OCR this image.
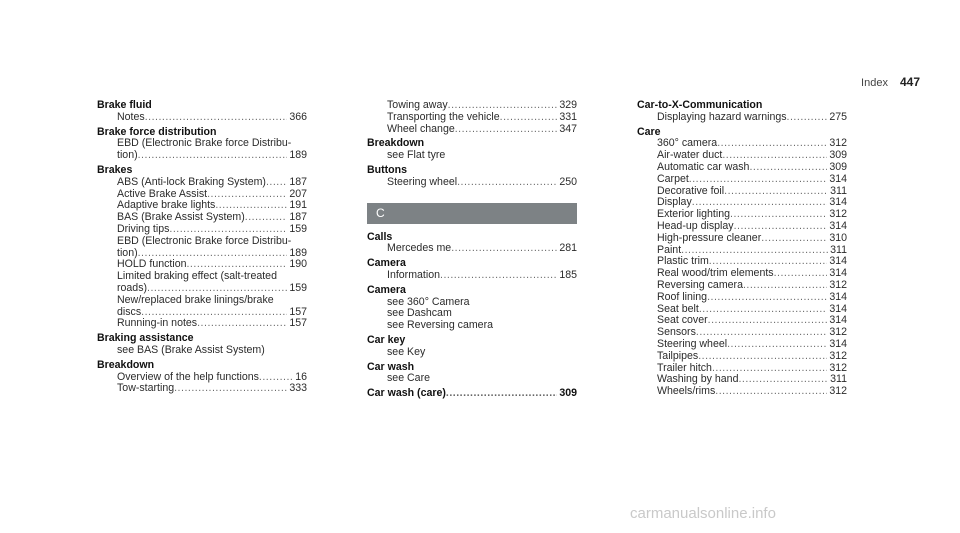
Index 447
Brake fluid
Notes .....	366
Brake force distribution
EBD (Electronic Brake force Distribu-
tion) .....	189
Brakes
ABS (Anti-lock Braking System) ..... 187
Active Brake Assist .....	207
Adaptive brake lights .....	191
BAS (Brake Assist System) .....	187
Driving tips .....	159
EBD (Electronic Brake force Distribu-
tion) .....	189
HOLD function .....	190
Limited braking effect (salt-treated
roads) .....	159
New/replaced brake linings/brake
discs .....	157
Running-in notes .....	157
Braking assistance
see BAS (Brake Assist System)
Breakdown
Overview of the help functions .....	16
Tow-starting .....	333
Towing away .....	329
Transporting the vehicle .....	331
Wheel change .....	347
Breakdown
see Flat tyre
Buttons
Steering wheel .....	250
C
Calls
Mercedes me .....	281
Camera
Information .....	185
Camera
see 360° Camera
see Dashcam
see Reversing camera
Car key
see Key
Car wash
see Care
Car wash (care) .....	309
Car-to-X-Communication
Displaying hazard warnings .....	275
Care
360° camera .....	312
Air-water duct .....	309
Automatic car wash .....	309
Carpet .....	314
Decorative foil .....	311
Display .....	314
Exterior lighting .....	312
Head-up display .....	314
High-pressure cleaner .....	310
Paint .....	311
Plastic trim .....	314
Real wood/trim elements .....	314
Reversing camera .....	312
Roof lining .....	314
Seat belt .....	314
Seat cover .....	314
Sensors .....	312
Steering wheel .....	314
Tailpipes .....	312
Trailer hitch .....	312
Washing by hand .....	311
Wheels/rims .....	312
carmanualsonline.info
